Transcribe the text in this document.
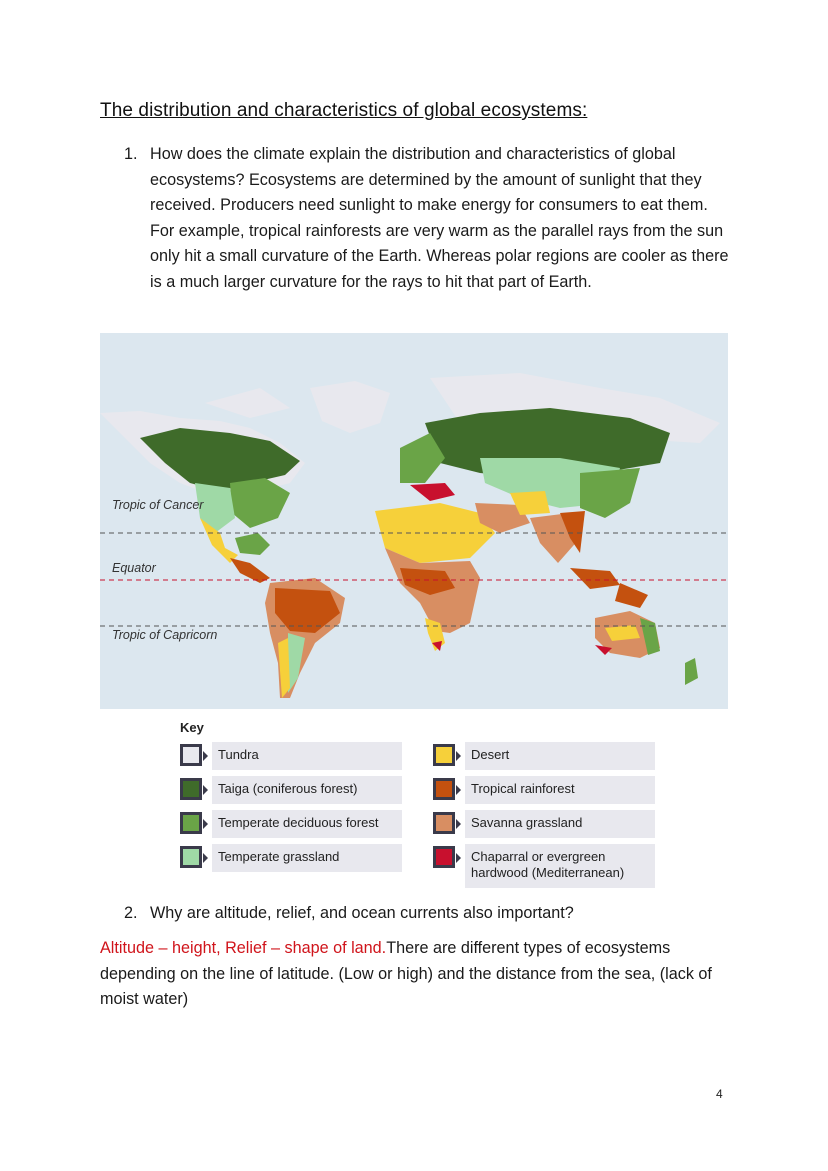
The distribution and characteristics of global ecosystems:
1. How does the climate explain the distribution and characteristics of global ecosystems? Ecosystems are determined by the amount of sunlight that they received. Producers need sunlight to make energy for consumers to eat them. For example, tropical rainforests are very warm as the parallel rays from the sun only hit a small curvature of the Earth. Whereas polar regions are cooler as there is a much larger curvature for the rays to hit that part of Earth.
Tropic of Cancer
Equator
Tropic of Capricorn
Key
Tundra
Taiga (coniferous forest)
Temperate deciduous forest
Temperate grassland
Desert
Tropical rainforest
Savanna grassland
Chaparral or evergreen hardwood (Mediterranean)
2. Why are altitude, relief, and ocean currents also important?
Altitude – height, Relief – shape of land.There are different types of ecosystems depending on the line of latitude. (Low or high) and the distance from the sea, (lack of moist water)
4
